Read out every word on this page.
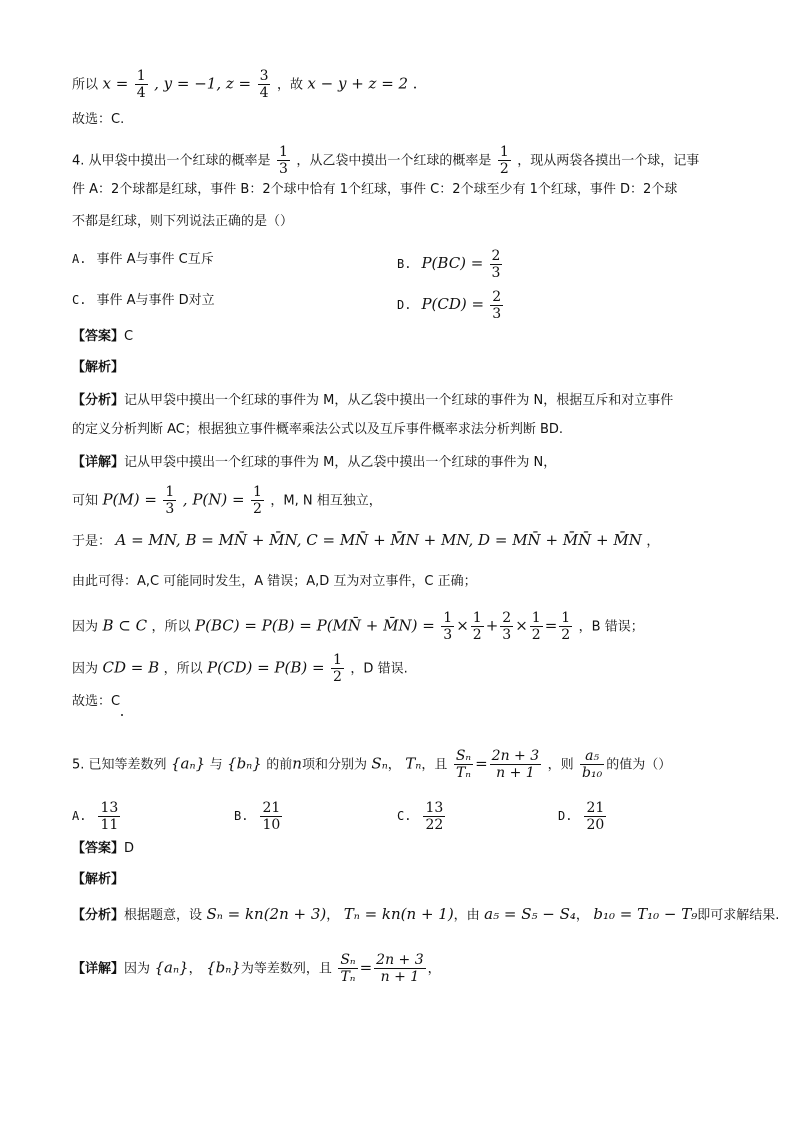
所以 $x = \frac{1}{4}$ , y = −1, $z = \frac{3}{4}$ ，故 x − y + z = 2 .
故选：C.
4. 从甲袋中摸出一个红球的概率是 $\frac{1}{3}$ ，从乙袋中摸出一个红球的概率是 $\frac{1}{2}$ ，现从两袋各摸出一个球，记事
件 A：2个球都是红球，事件 B：2个球中恰有 1个红球，事件 C：2个球至少有 1个红球，事件 D：2个球
不都是红球，则下列说法正确的是（）
A. 事件 A与事件 C互斥	B. $P(BC) = \frac{2}{3}$
C. 事件 A与事件 D对立	D. $P(CD) = \frac{2}{3}$
【答案】C
【解析】
【分析】记从甲袋中摸出一个红球的事件为 M，从乙袋中摸出一个红球的事件为 N，根据互斥和对立事件
的定义分析判断 AC；根据独立事件概率乘法公式以及互斥事件概率求法分析判断 BD.
【详解】记从甲袋中摸出一个红球的事件为 M，从乙袋中摸出一个红球的事件为 N，
可知 $P(M) = \frac{1}{3}$ , $P(N) = \frac{1}{2}$ ，M, N 相互独立，
于是： A = MN, B = MN̄ + M̄N, C = MN̄ + M̄N + MN, D = MN̄ + M̄N̄ + M̄N ，
由此可得：A,C 可能同时发生，A 错误；A,D 互为对立事件，C 正确；
因为 B ⊂ C ，所以 P(BC) = P(B) = P(MN̄ + M̄N) = $\frac{1}{3} \times \frac{1}{2} + \frac{2}{3} \times \frac{1}{2} = \frac{1}{2}$ ，B 错误；
因为 CD = B ，所以 $P(CD) = P(B) = \frac{1}{2}$ ，D 错误.
故选：C
5. 已知等差数列 {aₙ} 与 {bₙ} 的前n项和分别为 Sₙ， Tₙ，且 $\frac{\text{Sₙ}}{\text{Tₙ}} = \frac{2n + 3}{n + 1}$ ，则 $\frac{\text{a₅}}{\text{b₁₀}}$ 的值为（）
A. $\frac{13}{11}$	B. $\frac{21}{10}$	C. $\frac{13}{22}$	D. $\frac{21}{20}$
【答案】D
【解析】
【分析】根据题意，设 Sₙ = kn(2n + 3)， Tₙ = kn(n + 1)，由 a₅ = S₅ − S₄， b₁₀ = T₁₀ − T₉即可求解结果.
【详解】因为 {aₙ}， {bₙ}为等差数列，且 $\frac{\text{Sₙ}}{\text{Tₙ}} = \frac{2n + 3}{n + 1}$ ，
